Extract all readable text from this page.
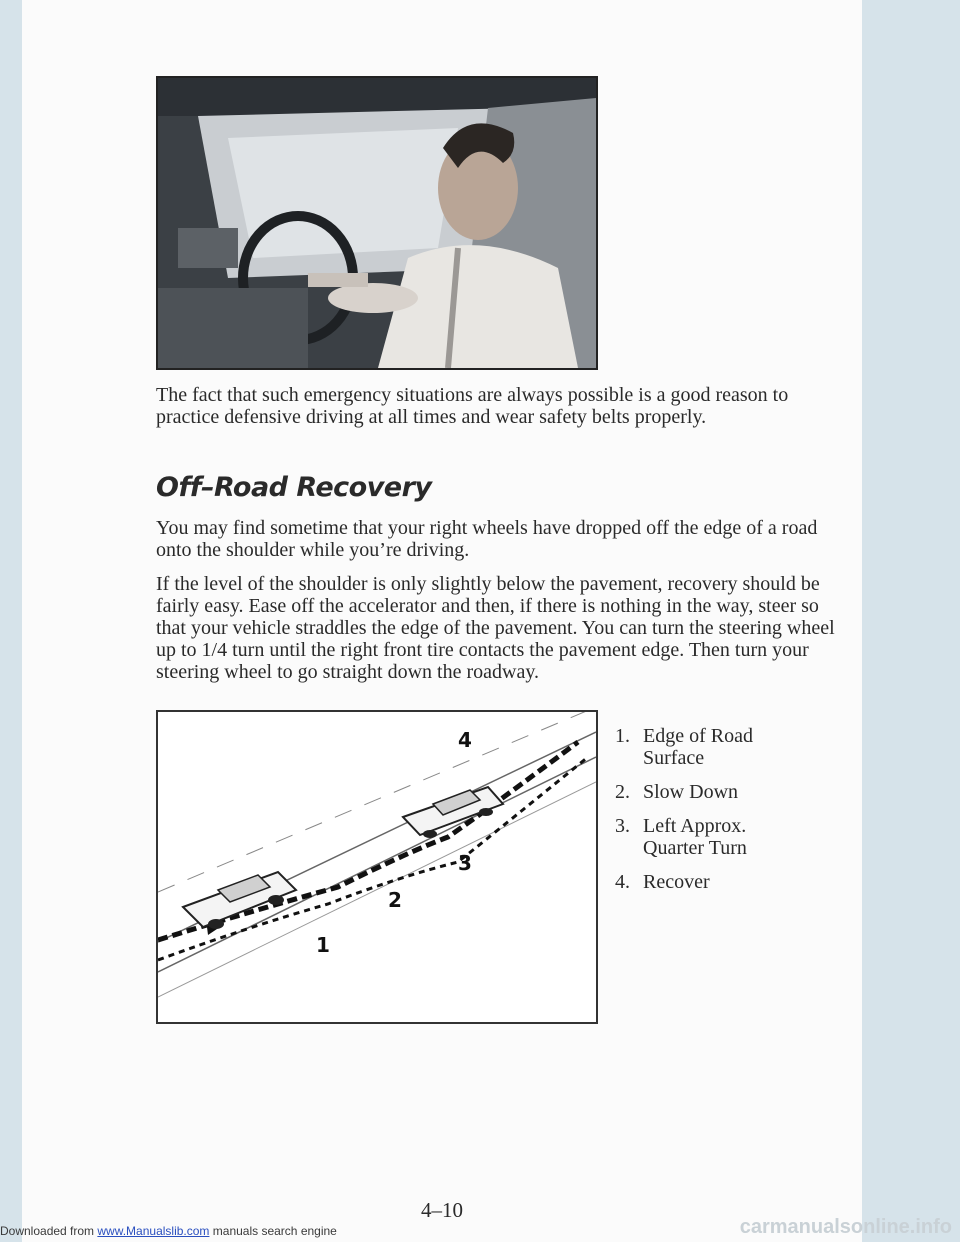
The fact that such emergency situations are always possible is a good reason to practice defensive driving at all times and wear safety belts properly.

Off–Road Recovery

You may find sometime that your right wheels have dropped off the edge of a road onto the shoulder while you’re driving.

If the level of the shoulder is only slightly below the pavement, recovery should be fairly easy. Ease off the accelerator and then, if there is nothing in the way, steer so that your vehicle straddles the edge of the pavement. You can turn the steering wheel up to 1/4 turn until the right front tire contacts the pavement edge. Then turn your steering wheel to go straight down the roadway.

1
2
3
4	1. Edge of Road Surface
2. Slow Down
3. Left Approx. Quarter Turn
4. Recover
4–10
Downloaded from www.Manualslib.com manuals search engine	carmanualsonline.info
